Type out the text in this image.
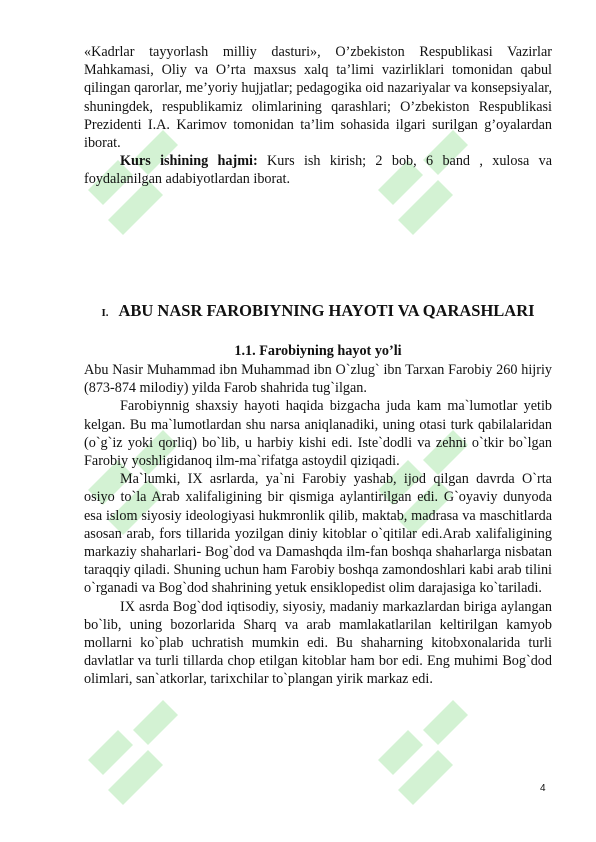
«Kadrlar tayyorlash milliy dasturi», O’zbekiston Respublikasi Vazirlar Mahkamasi, Oliy va O’rta maxsus xalq ta’limi vazirliklari tomonidan qabul qilingan qarorlar, me’yoriy hujjatlar; pedagogika oid nazariyalar va konsepsiyalar, shuningdek, respublikamiz olimlarining qarashlari; O’zbekiston Respublikasi Prezidenti I.A. Karimov tomonidan ta’lim sohasida ilgari surilgan g’oyalardan iborat.

Kurs ishining hajmi: Kurs ish kirish; 2 bob, 6 band , xulosa va foydalanilgan adabiyotlardan iborat.

I. ABU NASR FAROBIYNING HAYOTI VA QARASHLARI
1.1. Farobiyning hayot yo’li

Abu Nasir Muhammad ibn Muhammad ibn O`zlug` ibn Tarxan Farobiy 260 hijriy (873-874 milodiy) yilda Farob shahrida tug`ilgan.

Farobiynnig shaxsiy hayoti haqida bizgacha juda kam ma`lumotlar yetib kelgan. Bu ma`lumotlardan shu narsa aniqlanadiki, uning otasi turk qabilalaridan (o`g`iz yoki qorliq) bo`lib, u harbiy kishi edi. Iste`dodli va zehni o`tkir bo`lgan Farobiy yoshligidanoq ilm-ma`rifatga astoydil qiziqadi.

Ma`lumki, IX asrlarda, ya`ni Farobiy yashab, ijod qilgan davrda O`rta osiyo to`la Arab xalifaligining bir qismiga aylantirilgan edi. G`oyaviy dunyoda esa islom siyosiy ideologiyasi hukmronlik qilib, maktab, madrasa va maschitlarda asosan arab, fors tillarida yozilgan diniy kitoblar o`qitilar edi.Arab xalifaligining markaziy shaharlari- Bog`dod va Damashqda ilm-fan boshqa shaharlarga nisbatan taraqqiy qiladi. Shuning uchun ham Farobiy boshqa zamondoshlari kabi arab tilini o`rganadi va Bog`dod shahrining yetuk ensiklopedist olim darajasiga ko`tariladi.

IX asrda Bog`dod iqtisodiy, siyosiy, madaniy markazlardan biriga aylangan bo`lib, uning bozorlarida Sharq va arab mamlakatlarilan keltirilgan kamyob mollarni ko`plab uchratish mumkin edi. Bu shaharning kitobxonalarida turli davlatlar va turli tillarda chop etilgan kitoblar ham bor edi. Eng muhimi Bog`dod olimlari, san`atkorlar, tarixchilar to`plangan yirik markaz edi.

4
